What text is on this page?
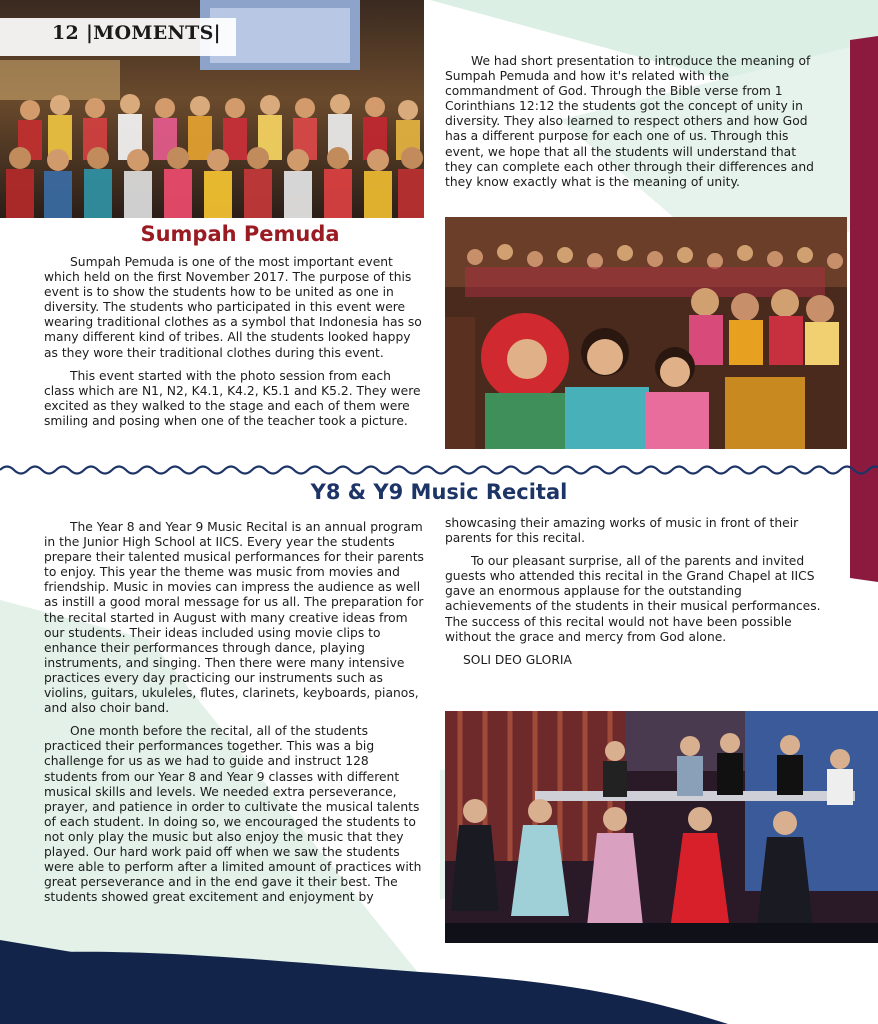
12 |MOMENTS|
Sumpah Pemuda

Sumpah Pemuda is one of the most important event which held on the first November 2017. The purpose of this event is to show the students how to be united as one in diversity. The students who participated in this event were wearing traditional clothes as a symbol that Indonesia has so many different kind of tribes. All the students looked happy as they wore their traditional clothes during this event.

This event started with the photo session from each class which are N1, N2, K4.1, K4.2, K5.1 and K5.2. They were excited as they walked to the stage and each of them were smiling and posing when one of the teacher took a picture.

We had short presentation to introduce the meaning of Sumpah Pemuda and how it's related with the commandment of God. Through the Bible verse from 1 Corinthians 12:12 the students got the concept of unity in diversity. They also learned to respect others and how God has a different purpose for each one of us. Through this event, we hope that all the students will understand that they can complete each other through their differences and they know exactly what is the meaning of unity.

Y8 & Y9 Music Recital

The Year 8 and Year 9 Music Recital is an annual program in the Junior High School at IICS. Every year the students prepare their talented musical performances for their parents to enjoy. This year the theme was music from movies and friendship. Music in movies can impress the audience as well as instill a good moral message for us all. The preparation for the recital started in August with many creative ideas from our students. Their ideas included using movie clips to enhance their performances through dance, playing instruments, and singing. Then there were many intensive practices every day practicing our instruments such as violins, guitars, ukuleles, flutes, clarinets, keyboards, pianos, and also choir band.

One month before the recital, all of the students practiced their performances together. This was a big challenge for us as we had to guide and instruct 128 students from our Year 8 and Year 9 classes with different musical skills and levels. We needed extra perseverance, prayer, and patience in order to cultivate the musical talents of each student. In doing so, we encouraged the students to not only play the music but also enjoy the music that they played. Our hard work paid off when we saw the students were able to perform after a limited amount of practices with great perseverance and in the end gave it their best. The students showed great excitement and enjoyment by

showcasing their amazing works of music in front of their parents for this recital.

To our pleasant surprise, all of the parents and invited guests who attended this recital in the Grand Chapel at IICS gave an enormous applause for the outstanding achievements of the students in their musical performances. The success of this recital would not have been possible without the grace and mercy from God alone.

SOLI DEO GLORIA
